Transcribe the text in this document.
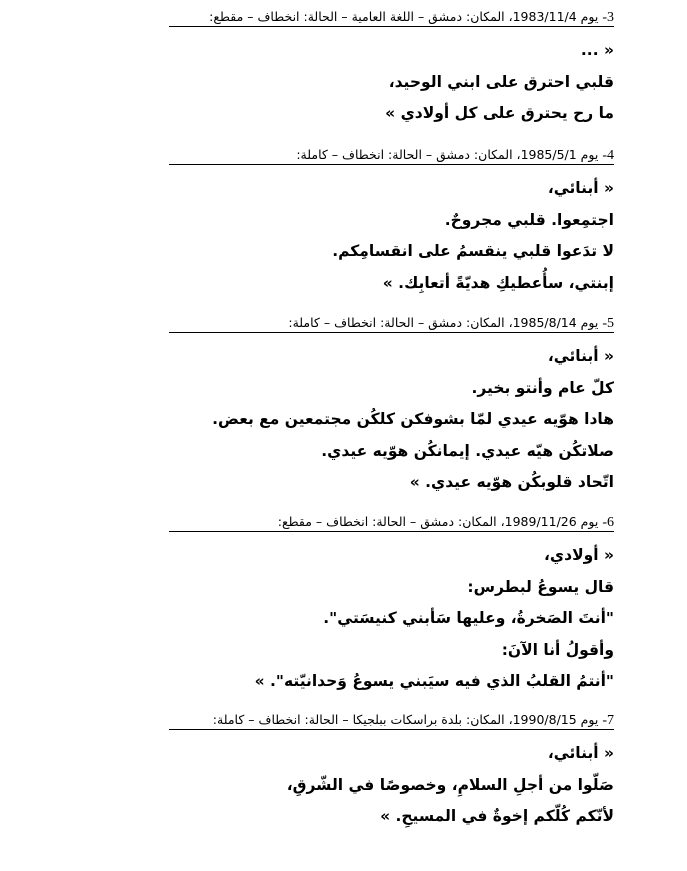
3- يوم 1983/11/4، المكان: دمشق – اللغة العامية – الحالة: انخطاف – مقطع:
« ...
قلبي احترق على ابني الوحيد،
ما رح يحترق على كل أولادي »
4- يوم 1985/5/1، المكان: دمشق – الحالة: انخطاف – كاملة:
« أبنائي،
اجتمِعوا. قلبي مجروحٌ.
لا تدَعوا قلبي ينقسمُ على انقسامِكم.
إبنتي، سأُعطيكِ هديّةً أتعابِك. »
5- يوم 1985/8/14، المكان: دمشق – الحالة: انخطاف – كاملة:
« أبنائي،
كلّ عام وأنتو بخير.
هادا هوّيه عيدي لمّا بشوفكن كلكُن مجتمعين مع بعض.
صلاتكُن هيّه عيدي. إيمانكُن هوّيه عيدي.
اتّحاد قلوبكُن هوّيه عيدي. »
6- يوم 1989/11/26، المكان: دمشق – الحالة: انخطاف – مقطع:
« أولادي،
قال يسوعُ لبطرس:
"أنتَ الصَخرةُ، وعليها سَأبني كنيسَتي".
وأقولُ أنا الآنَ:
"أنتمُ القلبُ الذي فيه سيَبني يسوعُ وَحدانيّته". »
7- يوم 1990/8/15، المكان: بلدة براسكات ببلجيكا – الحالة: انخطاف – كاملة:
« أبنائي،
صَلّوا من أجلِ السلامِ، وخصوصًا في الشّرقِ،
لأنّكم كُلّكم إخوةٌ في المسيحِ. »
